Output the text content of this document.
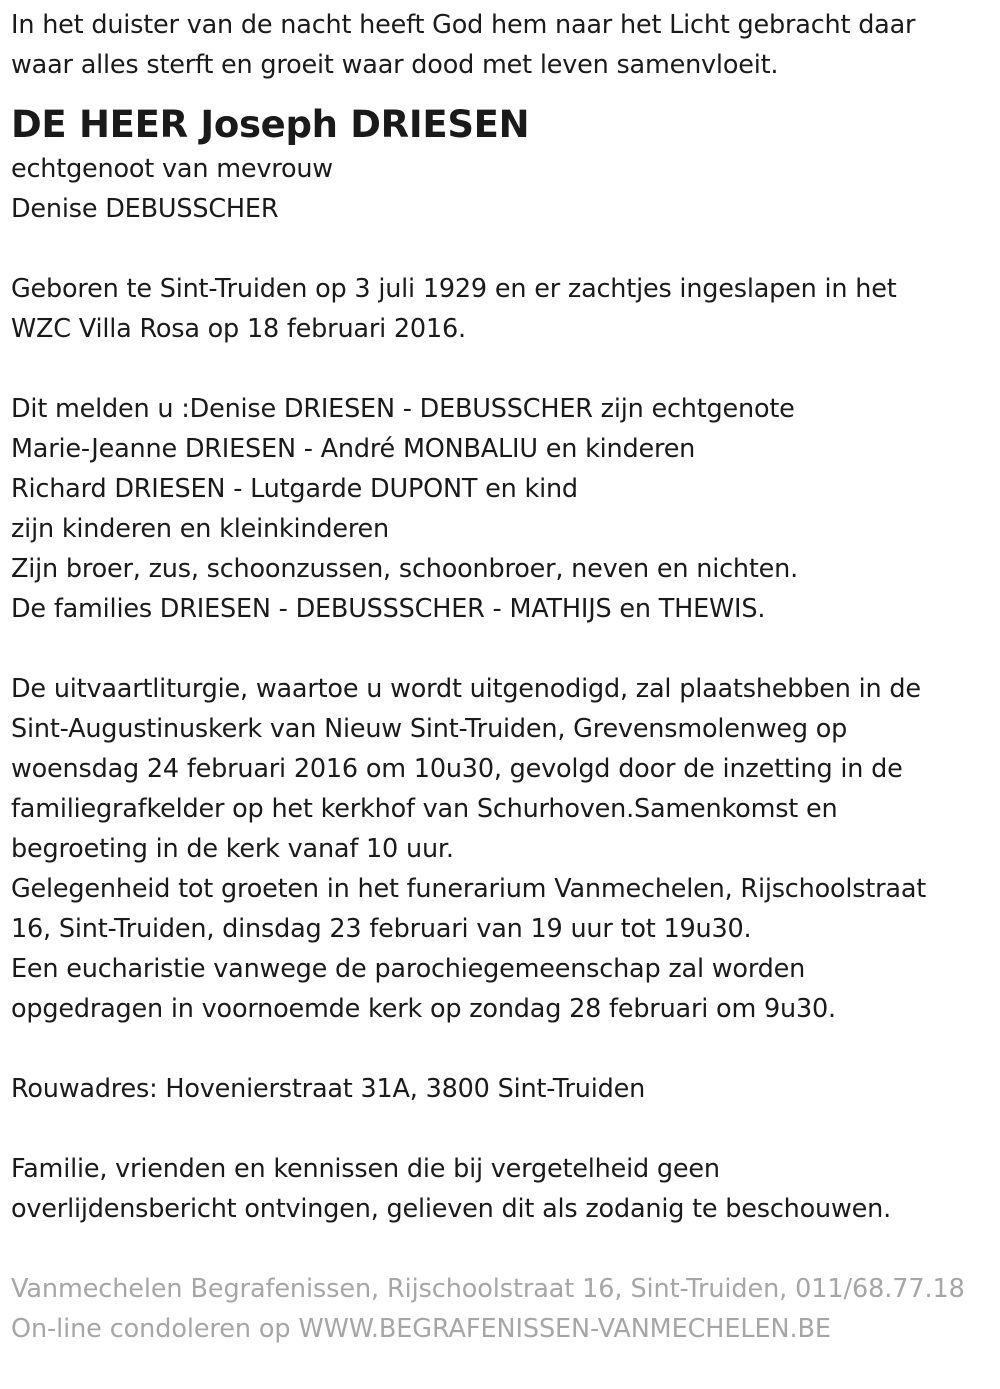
In het duister van de nacht heeft God hem naar het Licht gebracht daar
waar alles sterft en groeit waar dood met leven samenvloeit.
DE HEER Joseph DRIESEN
echtgenoot van mevrouw
Denise DEBUSSCHER
Geboren te Sint-Truiden op 3 juli 1929 en er zachtjes ingeslapen in het
WZC Villa Rosa op 18 februari 2016.
Dit melden u :Denise DRIESEN - DEBUSSCHER zijn echtgenote
Marie-Jeanne DRIESEN - André MONBALIU en kinderen
Richard DRIESEN - Lutgarde DUPONT en kind
zijn kinderen en kleinkinderen
Zijn broer, zus, schoonzussen, schoonbroer, neven en nichten.
De families DRIESEN - DEBUSSSCHER - MATHIJS en THEWIS.
De uitvaartliturgie, waartoe u wordt uitgenodigd, zal plaatshebben in de
Sint-Augustinuskerk van Nieuw Sint-Truiden, Grevensmolenweg op
woensdag 24 februari 2016 om 10u30, gevolgd door de inzetting in de
familiegrafkelder op het kerkhof van Schurhoven.Samenkomst en
begroeting in de kerk vanaf 10 uur.
Gelegenheid tot groeten in het funerarium Vanmechelen, Rijschoolstraat
16, Sint-Truiden, dinsdag 23 februari van 19 uur tot 19u30.
Een eucharistie vanwege de parochiegemeenschap zal worden
opgedragen in voornoemde kerk op zondag 28 februari om 9u30.
Rouwadres: Hovenierstraat 31A, 3800 Sint-Truiden
Familie, vrienden en kennissen die bij vergetelheid geen
overlijdensbericht ontvingen, gelieven dit als zodanig te beschouwen.
Vanmechelen Begrafenissen, Rijschoolstraat 16, Sint-Truiden, 011/68.77.18
On-line condoleren op WWW.BEGRAFENISSEN-VANMECHELEN.BE
